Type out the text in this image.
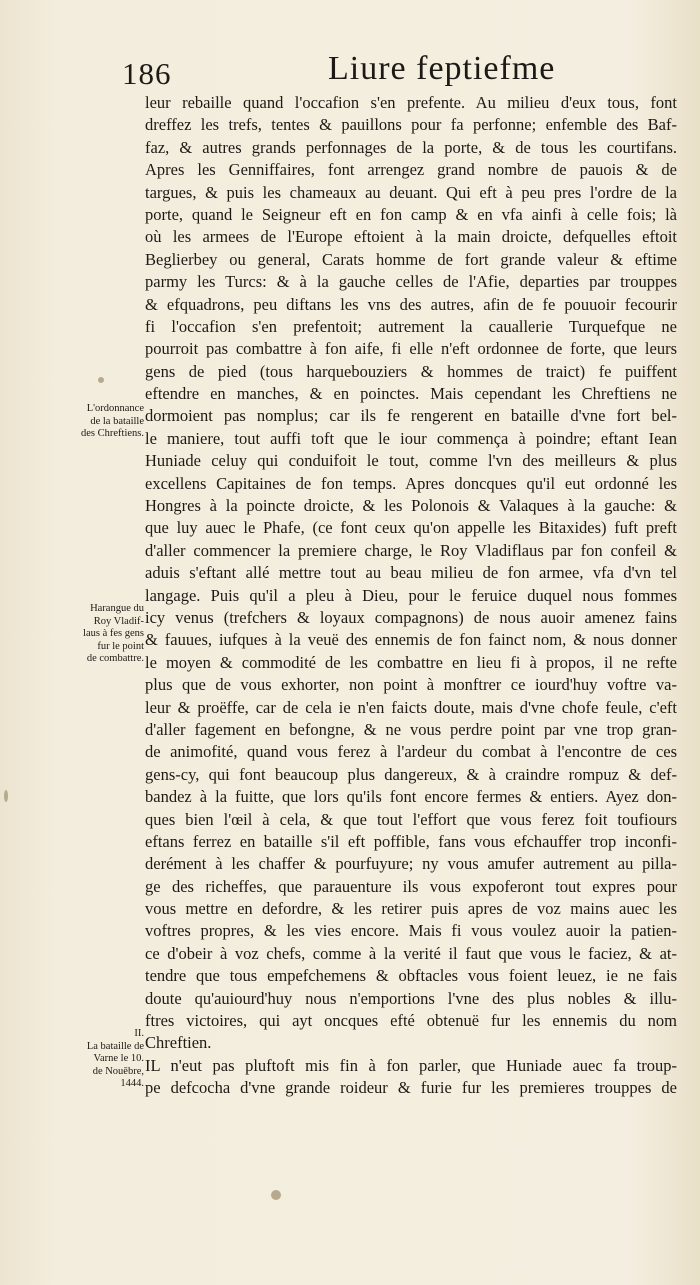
186	Liure feptiefme
leur rebaille quand l'occafion s'en prefente. Au milieu d'eux tous, font
dreffez les trefs, tentes & pauillons pour fa perfonne; enfemble des Baf-
faz, & autres grands perfonnages de la porte, & de tous les courtifans.
Apres les Genniffaires, font arrengez grand nombre de pauois & de
targues, & puis les chameaux au deuant. Qui eft à peu pres l'ordre de la
porte, quand le Seigneur eft en fon camp & en vfa ainfi à celle fois; là
où les armees de l'Europe eftoient à la main droicte, defquelles eftoit
Beglierbey ou general, Carats homme de fort grande valeur & eftime
parmy les Turcs: & à la gauche celles de l'Afie, departies par trouppes
& efquadrons, peu diftans les vns des autres, afin de fe pouuoir fecourir
fi l'occafion s'en prefentoit; autrement la cauallerie Turquefque ne
pourroit pas combattre à fon aife, fi elle n'eft ordonnee de forte, que leurs
gens de pied (tous harquebouziers & hommes de traict) fe puiffent
eftendre en manches, & en poinctes. Mais cependant les Chreftiens ne
dormoient pas nomplus; car ils fe rengerent en bataille d'vne fort bel-
le maniere, tout auffi toft que le iour commença à poindre; eftant Iean
Huniade celuy qui conduifoit le tout, comme l'vn des meilleurs & plus
excellens Capitaines de fon temps. Apres doncques qu'il eut ordonné les
Hongres à la poincte droicte, & les Polonois & Valaques à la gauche: &
que luy auec le Phafe, (ce font ceux qu'on appelle les Bitaxides) fuft preft
d'aller commencer la premiere charge, le Roy Vladiflaus par fon confeil &
aduis s'eftant allé mettre tout au beau milieu de fon armee, vfa d'vn tel
langage. Puis qu'il a pleu à Dieu, pour le feruice duquel nous fommes
icy venus (trefchers & loyaux compagnons) de nous auoir amenez fains
& fauues, iufques à la veuë des ennemis de fon fainct nom, & nous donner
le moyen & commodité de les combattre en lieu fi à propos, il ne refte
plus que de vous exhorter, non point à monftrer ce iourd'huy voftre va-
leur & proëffe, car de cela ie n'en faicts doute, mais d'vne chofe feule, c'eft
d'aller fagement en befongne, & ne vous perdre point par vne trop gran-
de animofité, quand vous ferez à l'ardeur du combat à l'encontre de ces
gens-cy, qui font beaucoup plus dangereux, & à craindre rompuz & def-
bandez à la fuitte, que lors qu'ils font encore fermes & entiers. Ayez don-
ques bien l'œil à cela, & que tout l'effort que vous ferez foit toufiours
eftans ferrez en bataille s'il eft poffible, fans vous efchauffer trop inconfi-
derément à les chaffer & pourfuyure; ny vous amufer autrement au pilla-
ge des richeffes, que parauenture ils vous expoferont tout expres pour
vous mettre en defordre, & les retirer puis apres de voz mains auec les
voftres propres, & les vies encore. Mais fi vous voulez auoir la patien-
ce d'obeir à voz chefs, comme à la verité il faut que vous le faciez, & at-
tendre que tous empefchemens & obftacles vous foient leuez, ie ne fais
doute qu'auiourd'huy nous n'emportions l'vne des plus nobles & illu-
ftres victoires, qui ayt oncques efté obtenuë fur les ennemis du nom
Chreftien.
IL n'eut pas pluftoft mis fin à fon parler, que Huniade auec fa troup-
pe defcocha d'vne grande roideur & furie fur les premieres trouppes de
L'ordonnance
de la bataille
des Chreftiens.
Harangue du
Roy Vladif-
laus à fes gens
fur le point
de combattre.
II.
La bataille de
Varne le 10.
de Nouēbre,
1444.
